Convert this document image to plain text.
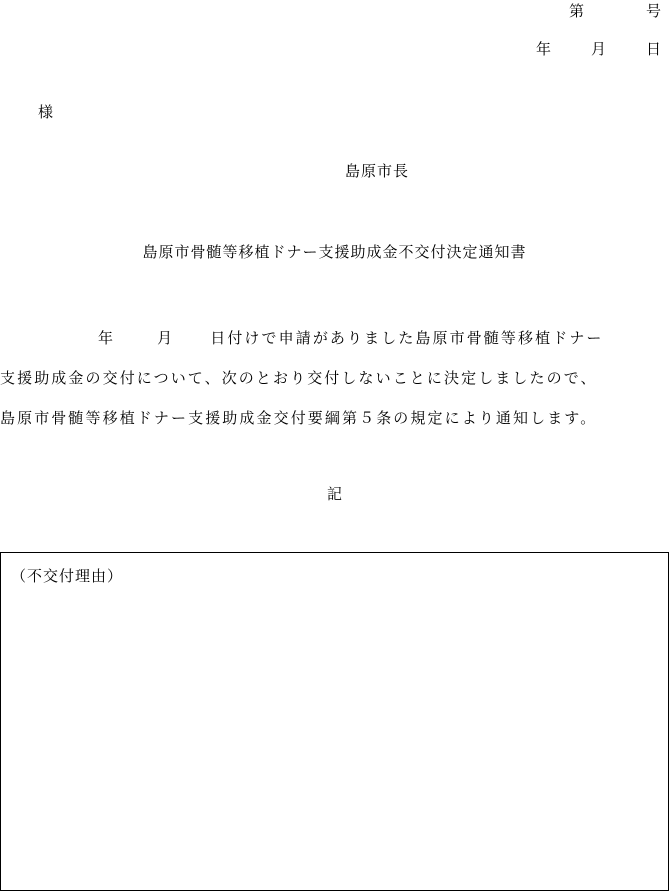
第	号
年	月	日
様
島原市長
島原市骨髄等移植ドナー支援助成金不交付決定通知書
年	月 日付けで申請がありました島原市骨髄等移植ドナー
支援助成金の交付について、次のとおり交付しないことに決定しましたので、
島原市骨髄等移植ドナー支援助成金交付要綱第５条の規定により通知します。
記
（不交付理由）
